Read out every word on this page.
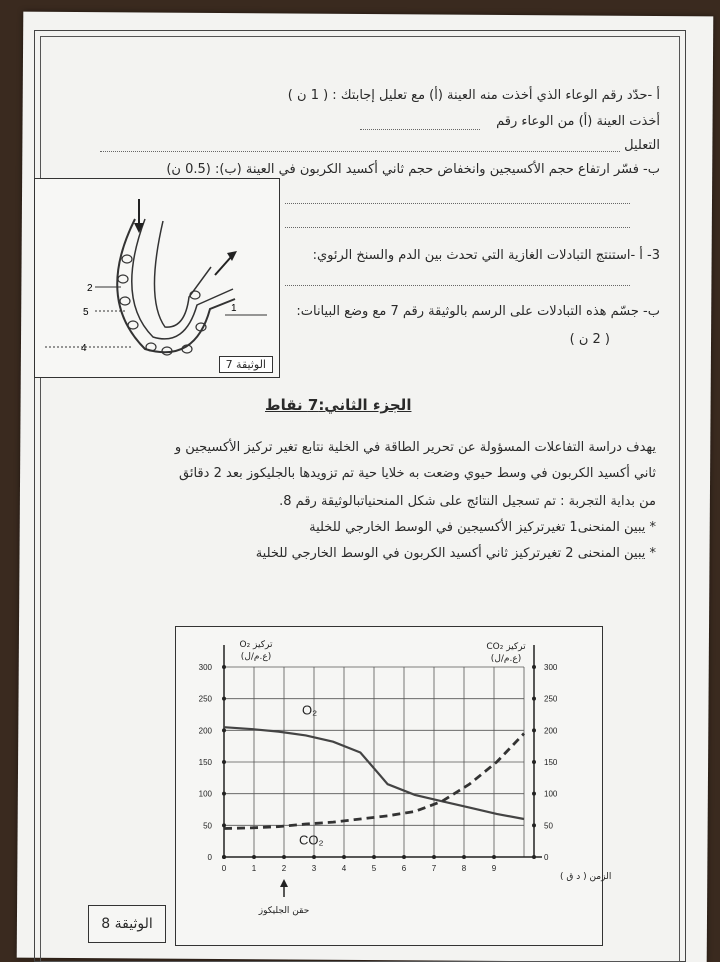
أ -حدّد رقم الوعاء الذي أخذت منه العينة (أ) مع تعليل إجابتك : ( 1 ن )
أخذت العينة (أ) من الوعاء رقم
التعليل
ب- فسّر ارتفاع حجم الأكسيجين وانخفاض حجم ثاني أكسيد الكربون في العينة (ب): (0.5 ن)
3- أ -استنتج التبادلات الغازية التي تحدث بين الدم والسنخ الرئوي:
ب- جسّم هذه التبادلات على الرسم بالوثيقة رقم 7 مع وضع البيانات:
( 2 ن )
2
5
4
1
الوثيقة 7
الجزء الثاني:7 نقاط
يهدف دراسة التفاعلات المسؤولة عن تحرير الطاقة في الخلية نتابع تغير تركيز الأكسيجين و
ثاني أكسيد الكربون في وسط حيوي وضعت به خلايا حية تم تزويدها بالجليكوز بعد 2 دقائق
من بداية التجربة : تم تسجيل النتائج على شكل المنحنياتبالوثيقة رقم 8.
* يبين المنحنى1 تغيرتركيز الأكسيجين في الوسط الخارجي للخلية
* يبين المنحنى 2 تغيرتركيز ثاني أكسيد الكربون في الوسط الخارجي للخلية
0
50
100
150
200
250
300
0
50
100
150
200
250
300
0	1	2	3	4	5	6	7	8	9
تركيز O₂
(ع.م/ل)
تركيز CO₂
(ع.م/ل)
الزمن ( د ق )
حقن الجليكوز
O₂
CO₂
الوثيقة 8
